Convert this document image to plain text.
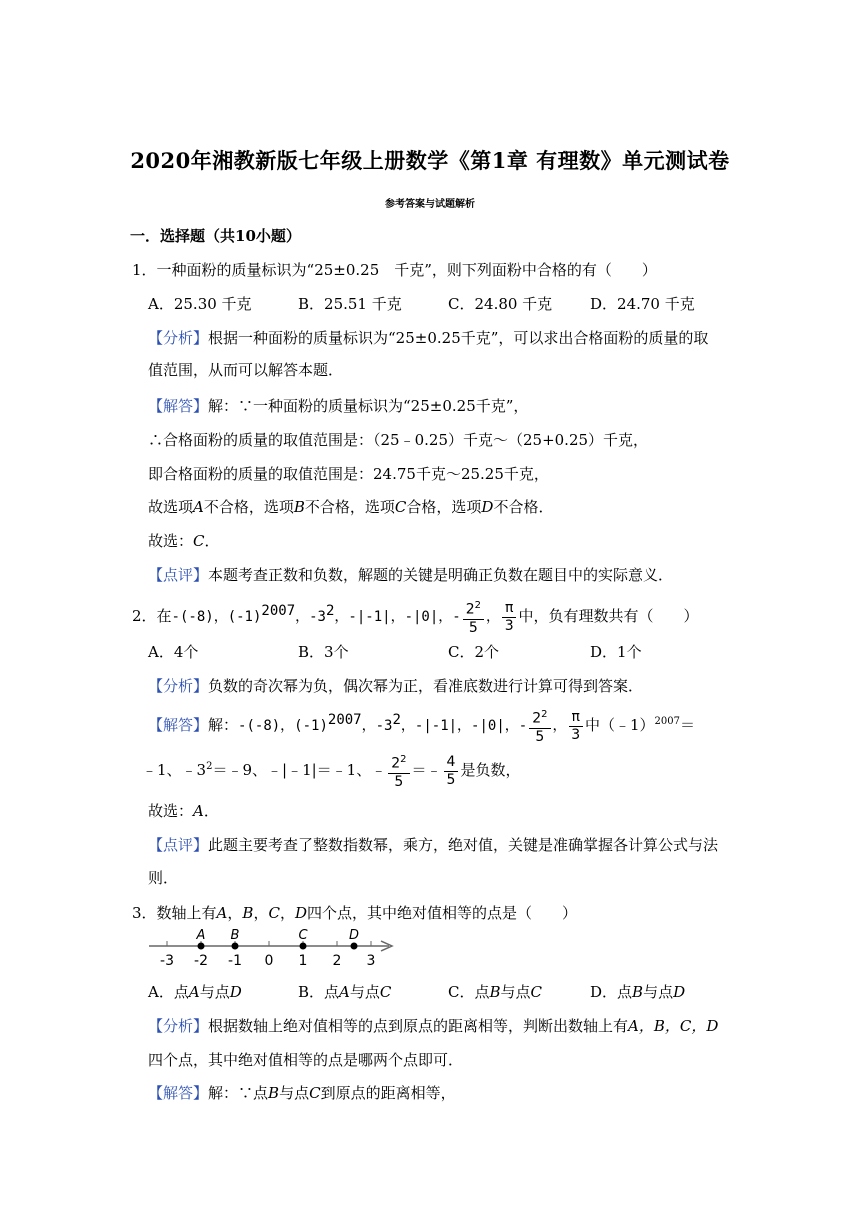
2020年湘教新版七年级上册数学《第1章 有理数》单元测试卷
参考答案与试题解析
一．选择题（共10小题）
1．一种面粉的质量标识为“25±0.25　千克”，则下列面粉中合格的有（　　）
A．25.30 千克	B．25.51 千克	C．24.80 千克	D．24.70 千克
【分析】根据一种面粉的质量标识为“25±0.25千克”，可以求出合格面粉的质量的取
值范围，从而可以解答本题．
【解答】解：∵一种面粉的质量标识为“25±0.25千克”，
∴合格面粉的质量的取值范围是：（25﹣0.25）千克～（25+0.25）千克，
即合格面粉的质量的取值范围是：24.75千克～25.25千克，
故选项A不合格，选项B不合格，选项C合格，选项D不合格．
故选：C．
【点评】本题考查正数和负数，解题的关键是明确正负数在题目中的实际意义．
2．在-(-8)，$(-1)^{2007}$，$-3^2$，-|-1|，-|0|，- $\frac{2^2}{5}$ ， $\frac{\pi}{3}$ 中，负有理数共有（　　）
A．4个	B．3个	C．2个	D．1个
【分析】负数的奇次幂为负，偶次幂为正，看准底数进行计算可得到答案．
【解答】解：-(-8)，$(-1)^{2007}$，$-3^2$，-|-1|，-|0|，- $\frac{2^2}{5}$ ， $\frac{\pi}{3}$ 中（﹣1）$^{2007}$＝
﹣1、$﹣3^2=﹣9$、﹣|﹣1|＝﹣1、﹣ $\frac{2^2}{5}$ ＝﹣ $\frac{4}{5}$ 是负数，
故选：A．
【点评】此题主要考查了整数指数幂，乘方，绝对值，关键是准确掌握各计算公式与法
则．
3．数轴上有A，B，C，D四个点，其中绝对值相等的点是（　　）
-3 -2 -1 0 1 2 3
A B	C	D
A．点A与点D	B．点A与点C	C．点B与点C	D．点B与点D
【分析】根据数轴上绝对值相等的点到原点的距离相等，判断出数轴上有A，B，C，D
四个点，其中绝对值相等的点是哪两个点即可．
【解答】解：∵点B与点C到原点的距离相等，
